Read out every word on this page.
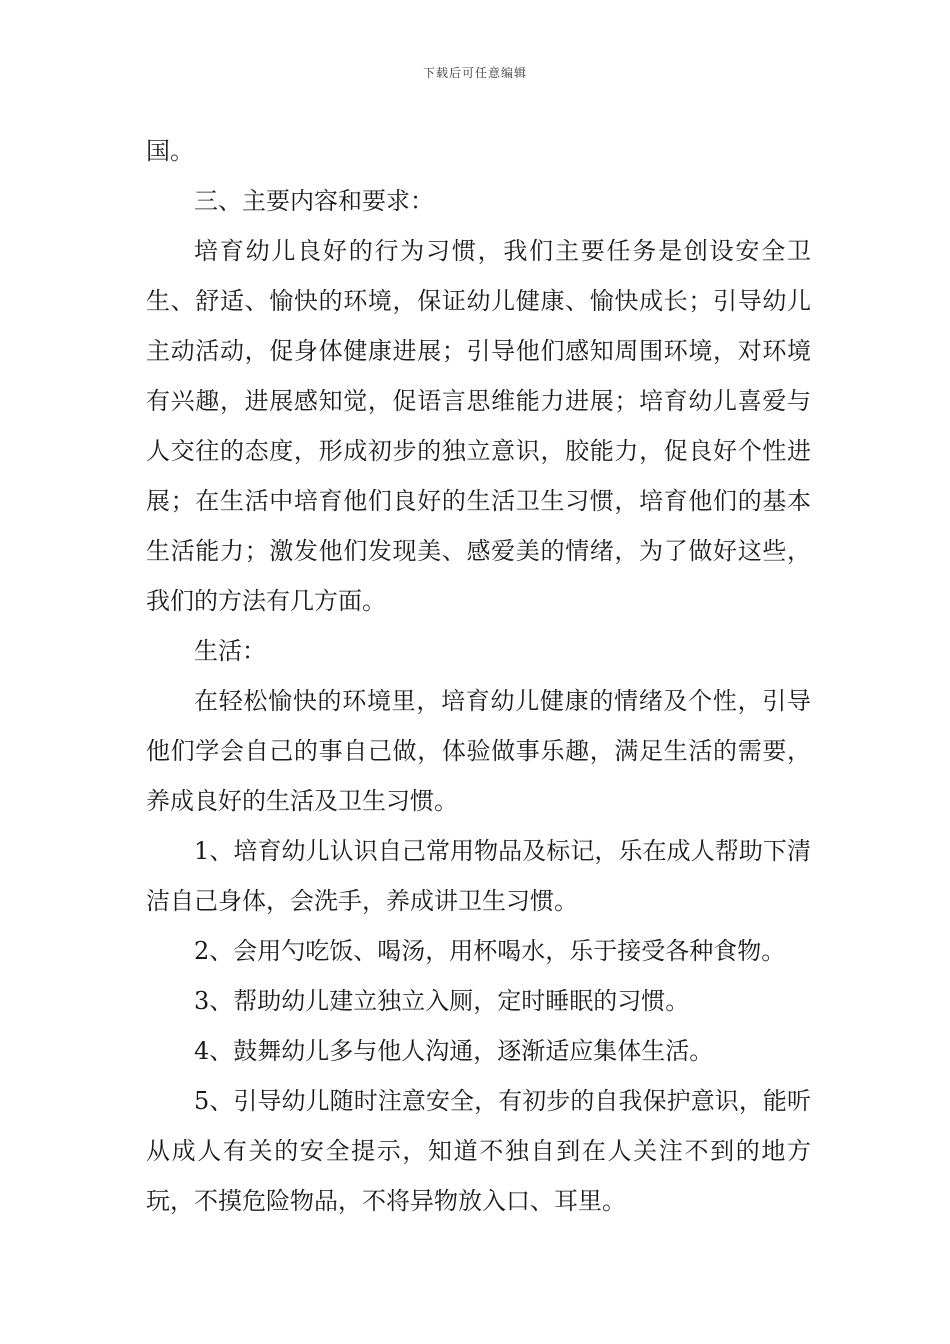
下载后可任意编辑

国。

三、主要内容和要求：

培育幼儿良好的行为习惯，我们主要任务是创设安全卫生、舒适、愉快的环境，保证幼儿健康、愉快成长；引导幼儿主动活动，促身体健康进展；引导他们感知周围环境，对环境有兴趣，进展感知觉，促语言思维能力进展；培育幼儿喜爱与人交往的态度，形成初步的独立意识，胶能力，促良好个性进展；在生活中培育他们良好的生活卫生习惯，培育他们的基本生活能力；激发他们发现美、感爱美的情绪，为了做好这些，我们的方法有几方面。

生活：

在轻松愉快的环境里，培育幼儿健康的情绪及个性，引导他们学会自己的事自己做，体验做事乐趣，满足生活的需要，养成良好的生活及卫生习惯。

1、培育幼儿认识自己常用物品及标记，乐在成人帮助下清洁自己身体，会洗手，养成讲卫生习惯。

2、会用勺吃饭、喝汤，用杯喝水，乐于接受各种食物。

3、帮助幼儿建立独立入厕，定时睡眠的习惯。

4、鼓舞幼儿多与他人沟通，逐渐适应集体生活。

5、引导幼儿随时注意安全，有初步的自我保护意识，能听从成人有关的安全提示，知道不独自到在人关注不到的地方玩，不摸危险物品，不将异物放入口、耳里。
